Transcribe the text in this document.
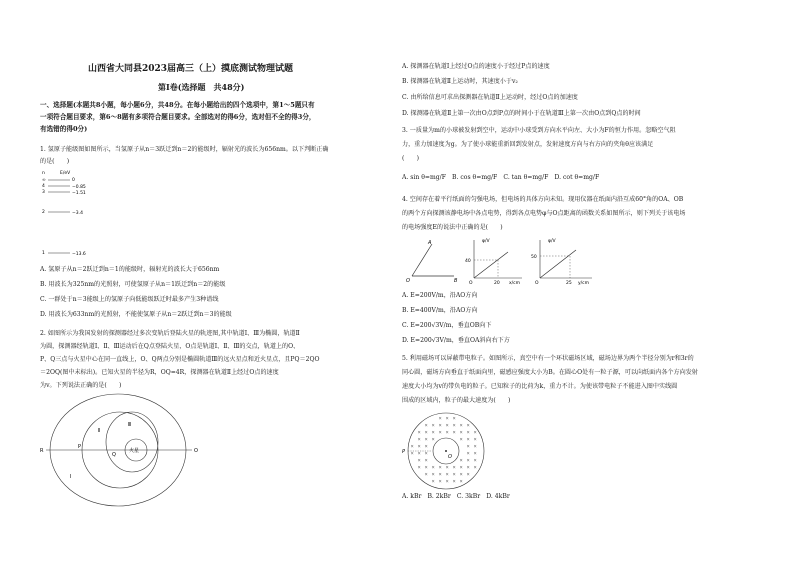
山西省大同县2023届高三（上）摸底测试物理试题
第Ⅰ卷(选择题　共48分)
一、选择题(本题共8小题，每小题6分，共48分。在每小题给出的四个选项中，第1～5题只有
一项符合题目要求，第6～8题有多项符合题目要求。全部选对的得6分，选对但不全的得3分，
有选错的得0分)
1. 氢原子能级图如图所示，当氢原子从n＝3跃迁到n＝2的能级时，辐射光的波长为656nm。以下判断正确
的是(　　)
n	E/eV
∞	0
4	−0.85
3	−1.51
2	−3.4
1	−13.6
A. 氢原子从n＝2跃迁到n＝1的能级时，辐射光的波长大于656nm
B. 用波长为325nm的光照射，可使氢原子从n＝1跃迁到n＝2的能级
C. 一群处于n＝3能级上的氢原子向低能级跃迁时最多产生3种谱线
D. 用波长为633nm的光照射，不能使氢原子从n＝2跃迁到n＝3的能级
2. 如图所示为我国发射的探测器经过多次变轨后登陆火星的轨迹图,其中轨道Ⅰ、Ⅲ为椭圆，轨道Ⅱ
为圆，探测器经轨道Ⅰ、Ⅱ、Ⅲ运动后在Q点登陆火星，O点是轨道Ⅰ、Ⅱ、Ⅲ的交点，轨道上的O、
P、Q三点与火星中心在同一直线上，O、Q两点分别是椭圆轨道Ⅲ的远火星点和近火星点，且PQ＝2QO
＝2OQ(图中未标出)。已知火星的半径为R，OQ=4R，探测器在轨道Ⅱ上经过O点的速度
为v。下列说法正确的是(　　)
R
P
Q
O
火星
Ⅰ
Ⅱ
Ⅲ
A. 探测器在轨道Ⅰ上经过O点的速度小于经过P点的速度
B. 探测器在轨道Ⅱ上运动时，其速度小于v₂
C. 由所给信息可求出探测器在轨道Ⅱ上运动时，经过O点的加速度
D. 探测器在轨道Ⅱ上第一次由O点到P点的时间小于在轨道Ⅲ上第一次由O点到Q点的时间
3. 一质量为m的小球被发射到空中，运动中小球受到方向水平向左、大小为F的恒力作用。忽略空气阻
力，重力加速度为g。为了使小球能重新回到发射点，发射速度方向与右方向的夹角θ应该满足
(　　)
A. sin θ=mg/F　B. cos θ=mg/F　C. tan θ=mg/F　D. cot θ=mg/F
4. 空间存在着平行纸面的匀强电场，但电场的具体方向未知。现用仪器在纸面内沿互成60°角的OA、OB
的两个方向探测该静电场中各点电势，得到各点电势φ与O点距离的函数关系如图所示，则下列关于该电场
的电场强度E的说法中正确的是(　　)
O
A
B
φ/V
40
20 x/cm
O
φ/V
50
25 y/cm
O
A. E=200V/m，沿AO方向
B. E=400V/m，沿AO方向
C. E=200√3V/m，垂直OB向下
D. E=200√3V/m，垂直OA斜向右下方
5. 利用磁场可以屏蔽带电粒子。如图所示，真空中有一个环状磁场区域，磁场边界为两个半径分别为r和3r的
同心圆，磁场方向垂直于纸面向里，磁感应强度大小为B。在圆心O处有一粒子源，可以向纸面内各个方向发射
速度大小均为v的带负电的粒子。已知粒子的比荷为k，重力不计。为使该带电粒子不能进入图中实线圆
围成的区域内，粒子的最大速度为(　　)
× × ×
× × × × × × ×
× × × × × × × × ×
× × ×	× × ×
× × ×	× ×
× × ×	× ×
× ×	× × ×
× × × × × × × × ×
× × × × × × ×
× × × × ×
P
O
A. kBr　B. 2kBr　C. 3kBr　D. 4kBr
